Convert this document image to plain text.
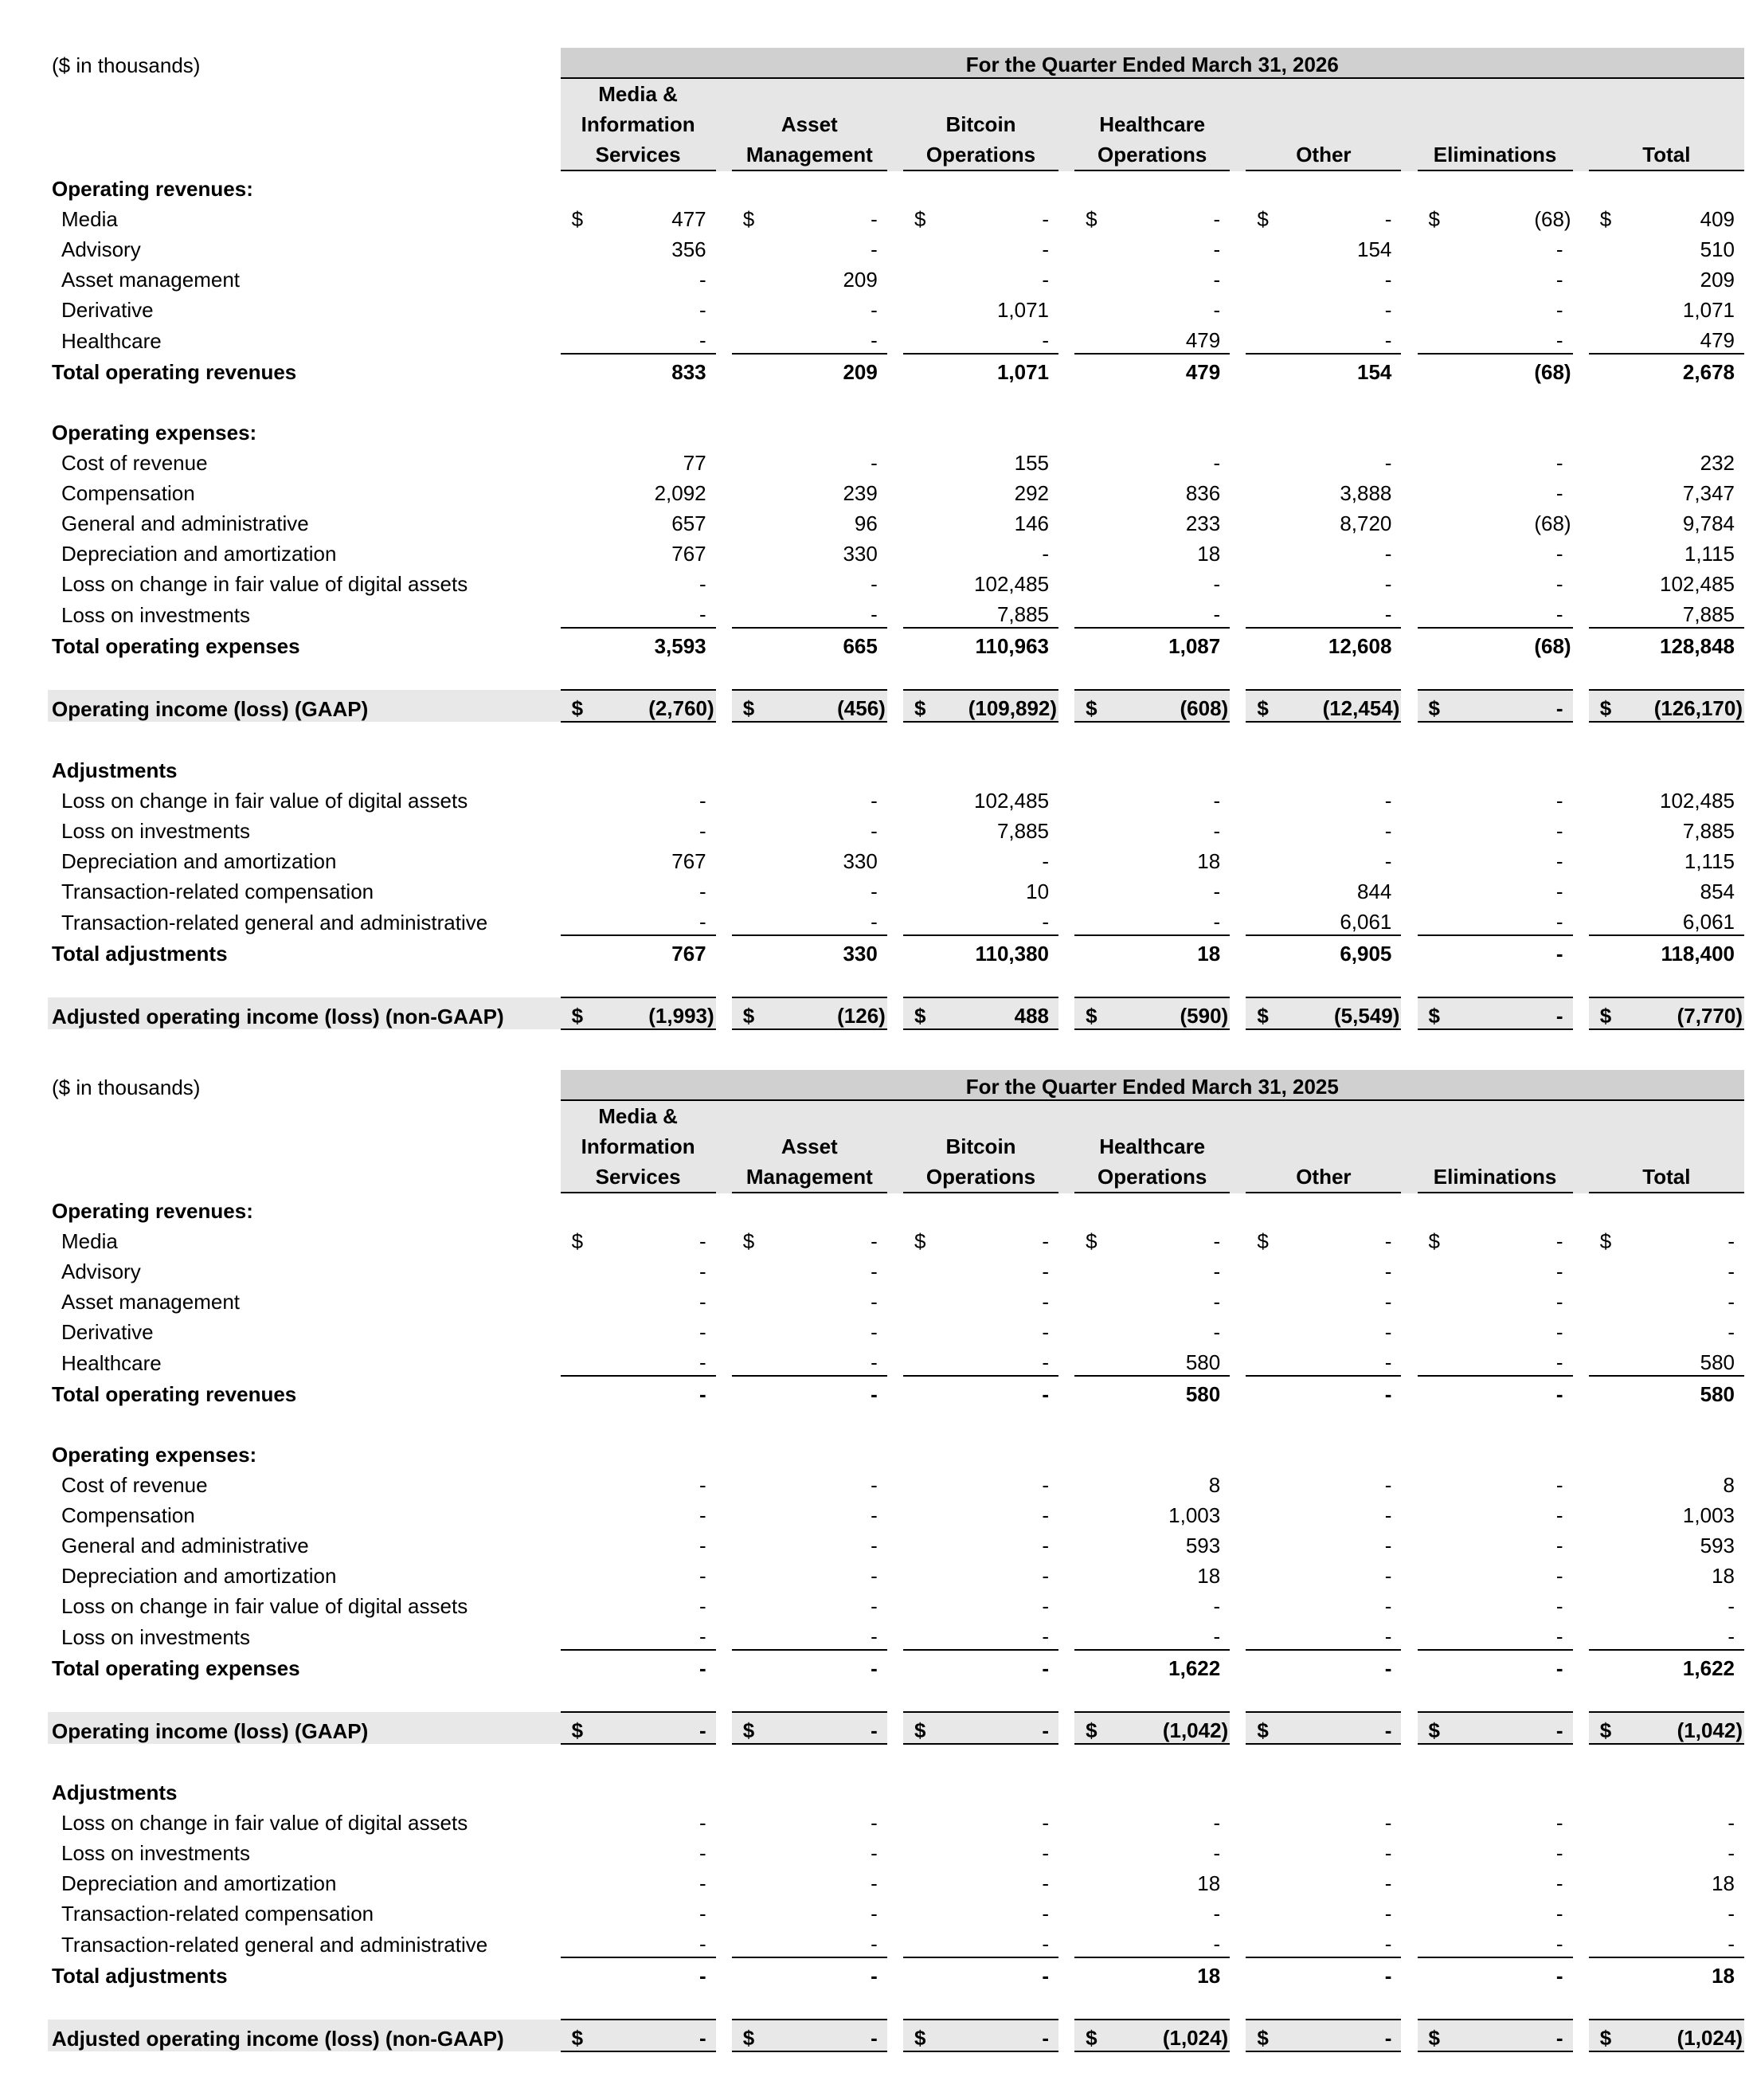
($ in thousands)	For the Quarter Ended March 31, 2026												
	Media &												
	Information		Asset		Bitcoin		Healthcare						

	Services		Management		Operations		Operations		Other		Eliminations		Total

Operating revenues:													
Media	$ 477		$ -		$ -		$ -		$ -		$ (68)		$ 409

Advisory	356		-		-		-		154		-		510

Asset management	-		209		-		-		-		-		209

Derivative	-		-		1,071		-		-		-		1,071

Healthcare	-		-		-		479		-		-		479

Total operating revenues	833		209		1,071		479		154		(68)		2,678

Operating expenses:													
Cost of revenue	77		-		155		-		-		-		232

Compensation	2,092		239		292		836		3,888		-		7,347

General and administrative	657		96		146		233		8,720		(68)		9,784

Depreciation and amortization	767		330		-		18		-		-		1,115

Loss on change in fair value of digital assets	-		-		102,485		-		-		-		102,485

Loss on investments	-		-		7,885		-		-		-		7,885

Total operating expenses	3,593		665		110,963		1,087		12,608		(68)		128,848

Operating income (loss) (GAAP)	$ (2,760)		$ (456)		$ (109,892)		$ (608)		$ (12,454)		$ -		$ (126,170)

Adjustments													
Loss on change in fair value of digital assets	-		-		102,485		-		-		-		102,485

Loss on investments	-		-		7,885		-		-		-		7,885

Depreciation and amortization	767		330		-		18		-		-		1,115

Transaction-related compensation	-		-		10		-		844		-		854

Transaction-related general and administrative	-		-		-		-		6,061		-		6,061

Total adjustments	767		330		110,380		18		6,905		-		118,400

Adjusted operating income (loss) (non-GAAP)	$ (1,993)		$ (126)		$ 488		$ (590)		$ (5,549)		$ -		$ (7,770)
($ in thousands)	For the Quarter Ended March 31, 2025												
	Media &												
	Information		Asset		Bitcoin		Healthcare						

	Services		Management		Operations		Operations		Other		Eliminations		Total

Operating revenues:													
Media	$ -		$ -		$ -		$ -		$ -		$ -		$ -

Advisory	-		-		-		-		-		-		-

Asset management	-		-		-		-		-		-		-

Derivative	-		-		-		-		-		-		-

Healthcare	-		-		-		580		-		-		580

Total operating revenues	-		-		-		580		-		-		580

Operating expenses:													
Cost of revenue	-		-		-		8		-		-		8

Compensation	-		-		-		1,003		-		-		1,003

General and administrative	-		-		-		593		-		-		593

Depreciation and amortization	-		-		-		18		-		-		18

Loss on change in fair value of digital assets	-		-		-		-		-		-		-

Loss on investments	-		-		-		-		-		-		-

Total operating expenses	-		-		-		1,622		-		-		1,622

Operating income (loss) (GAAP)	$ -		$ -		$ -		$ (1,042)		$ -		$ -		$ (1,042)

Adjustments													
Loss on change in fair value of digital assets	-		-		-		-		-		-		-

Loss on investments	-		-		-		-		-		-		-

Depreciation and amortization	-		-		-		18		-		-		18

Transaction-related compensation	-		-		-		-		-		-		-

Transaction-related general and administrative	-		-		-		-		-		-		-

Total adjustments	-		-		-		18		-		-		18

Adjusted operating income (loss) (non-GAAP)	$ -		$ -		$ -		$ (1,024)		$ -		$ -		$ (1,024)
